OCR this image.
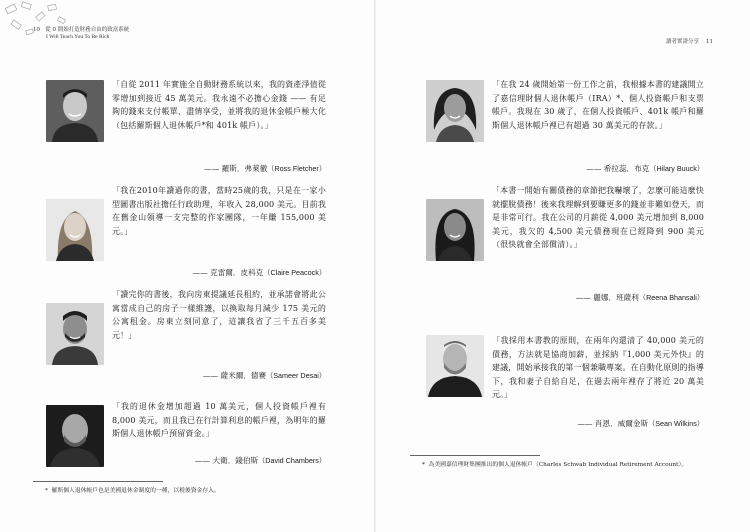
10 從 0 開始打造財務自由的致富系統
I Will Teach You To Be Rich
「自從 2011 年實施全自動財務系統以來，我的資產淨值從零增加到接近 45 萬美元。我永遠不必擔心金錢 —— 有足夠的錢來支付帳單、盡情享受，並將我的退休金帳戶極大化（包括羅斯個人退休帳戶*和 401k 帳戶）。」
—— 羅斯．弗萊徹（Ross Fletcher）
「我在2010年讀過你的書，當時25歲的我，只是在一家小型圖書出版社擔任行政助理，年收入 28,000 美元。目前我在舊金山領導一支完整的作家團隊，一年賺 155,000 美元。」
—— 克雷爾．皮科克（Claire Peacock）
「讀完你的書後，我向房東提議延長租約，並承諾會將此公寓當成自己的房子一樣維護，以換取每月減少 175 美元的公寓租金。房東立刻同意了，這讓我省了三千五百多美元！」
—— 薩米爾．德賽（Sameer Desai）
「我的退休金增加超過 10 萬美元，個人投資帳戶裡有 8,000 美元，而且我已在行計算利息的帳戶裡，為明年的羅斯個人退休帳戶預留資金。」
—— 大衛．錢伯斯（David Chambers）
* 羅斯個人退休帳戶也是美國退休金制度的一種，以税後資金存入。
讀者實證分享 11
「在我 24 歲開始第一份工作之前，我根據本書的建議開立了嘉信理財個人退休帳戶（IRA）*、個人投資帳戶和支票帳戶。我現在 30 歲了，在個人投資帳戶、401k 帳戶和羅斯個人退休帳戶裡已有超過 30 萬美元的存款。」
—— 希拉蕊．布克（Hilary Buuck）
「本書一開始有關債務的章節把我嚇壞了，怎麼可能這麼快就擺脫債務！後來我理解到要賺更多的錢並非難如登天，而是非常可行。我在公司的月薪從 4,000 美元增加到 8,000 美元，我欠的 4,500 美元債務現在已經降到 900 美元（很快就會全部償清）。」
—— 麗娜．班薩利（Reena Bhansali）
「我採用本書教的原則，在兩年內還清了 40,000 美元的債務，方法就是協商加薪，並採納『1,000 美元外快』的建議，開始承接我的第一個兼職專案。在自動化原則的指導下，我和妻子自給自足，在過去兩年裡存了將近 20 萬美元。」
—— 肖恩．威爾金斯（Sean Wilkins）
* 為美國嘉信理財集團推出的個人退休帳戶（Charles Schwab Individual Retirement Account）。
